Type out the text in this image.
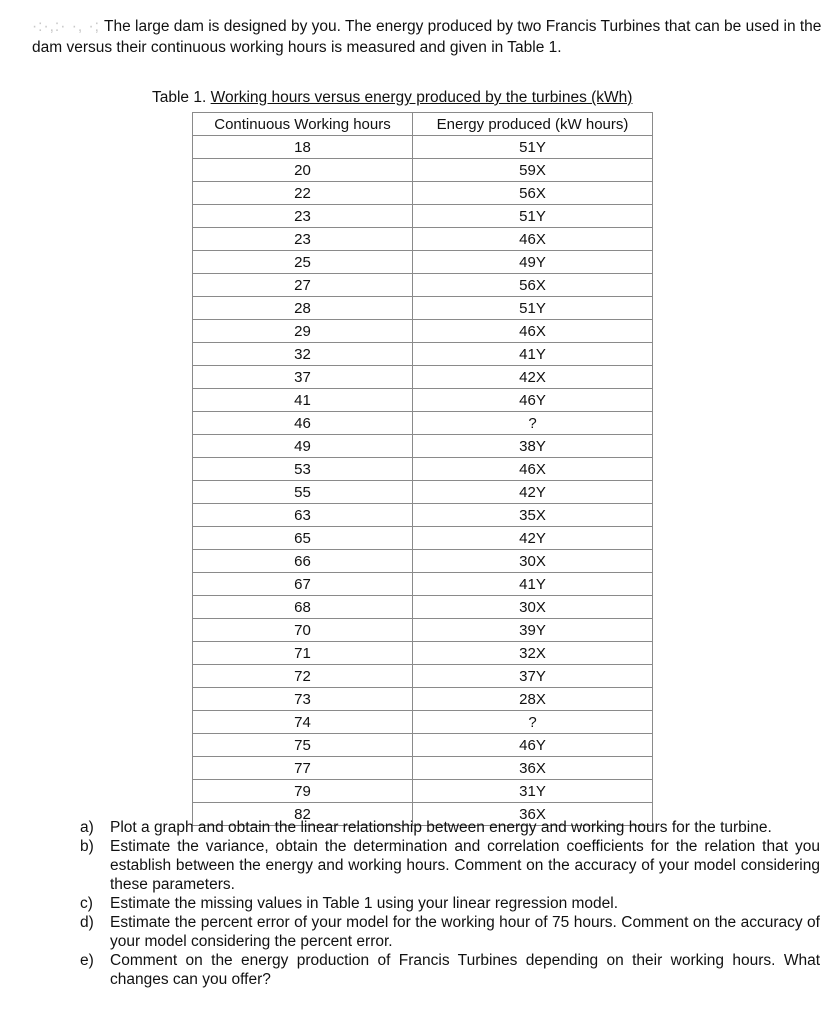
·:·,:· ·, ·; The large dam is designed by you. The energy produced by two Francis Turbines that can be used in the dam versus their continuous working hours is measured and given in Table 1.
Table 1. Working hours versus energy produced by the turbines (kWh)
Continuous Working hours	Energy produced (kW hours)
18	51Y
20	59X
22	56X
23	51Y
23	46X
25	49Y
27	56X
28	51Y
29	46X
32	41Y
37	42X
41	46Y
46	?
49	38Y
53	46X
55	42Y
63	35X
65	42Y
66	30X
67	41Y
68	30X
70	39Y
71	32X
72	37Y
73	28X
74	?
75	46Y
77	36X
79	31Y
82	36X
a) Plot a graph and obtain the linear relationship between energy and working hours for the turbine.
b) Estimate the variance, obtain the determination and correlation coefficients for the relation that you establish between the energy and working hours. Comment on the accuracy of your model considering these parameters.
c) Estimate the missing values in Table 1 using your linear regression model.
d) Estimate the percent error of your model for the working hour of 75 hours. Comment on the accuracy of your model considering the percent error.
e) Comment on the energy production of Francis Turbines depending on their working hours. What changes can you offer?
